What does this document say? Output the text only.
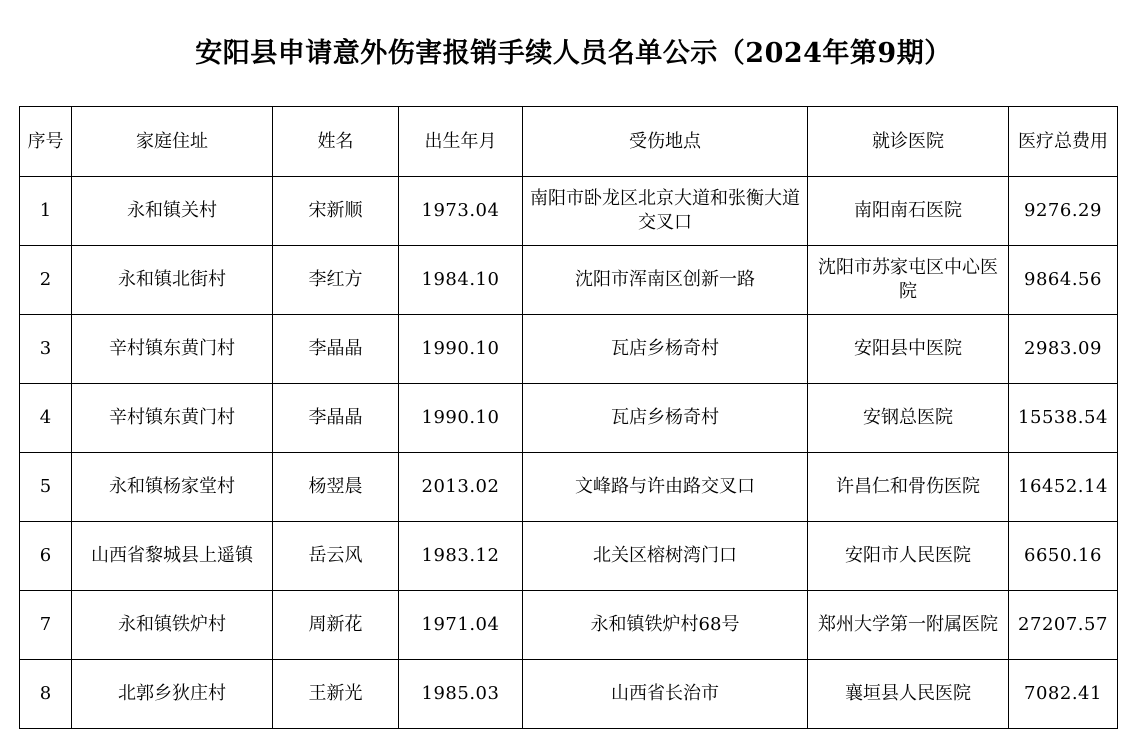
安阳县申请意外伤害报销手续人员名单公示（2024年第9期）
序号	家庭住址	姓名	出生年月	受伤地点	就诊医院	医疗总费用
1	永和镇关村	宋新顺	1973.04	南阳市卧龙区北京大道和张衡大道交叉口	南阳南石医院	9276.29
2	永和镇北街村	李红方	1984.10	沈阳市浑南区创新一路	沈阳市苏家屯区中心医院	9864.56
3	辛村镇东黄门村	李晶晶	1990.10	瓦店乡杨奇村	安阳县中医院	2983.09
4	辛村镇东黄门村	李晶晶	1990.10	瓦店乡杨奇村	安钢总医院	15538.54
5	永和镇杨家堂村	杨翌晨	2013.02	文峰路与许由路交叉口	许昌仁和骨伤医院	16452.14
6	山西省黎城县上遥镇	岳云风	1983.12	北关区榕树湾门口	安阳市人民医院	6650.16
7	永和镇铁炉村	周新花	1971.04	永和镇铁炉村68号	郑州大学第一附属医院	27207.57
8	北郭乡狄庄村	王新光	1985.03	山西省长治市	襄垣县人民医院	7082.41
